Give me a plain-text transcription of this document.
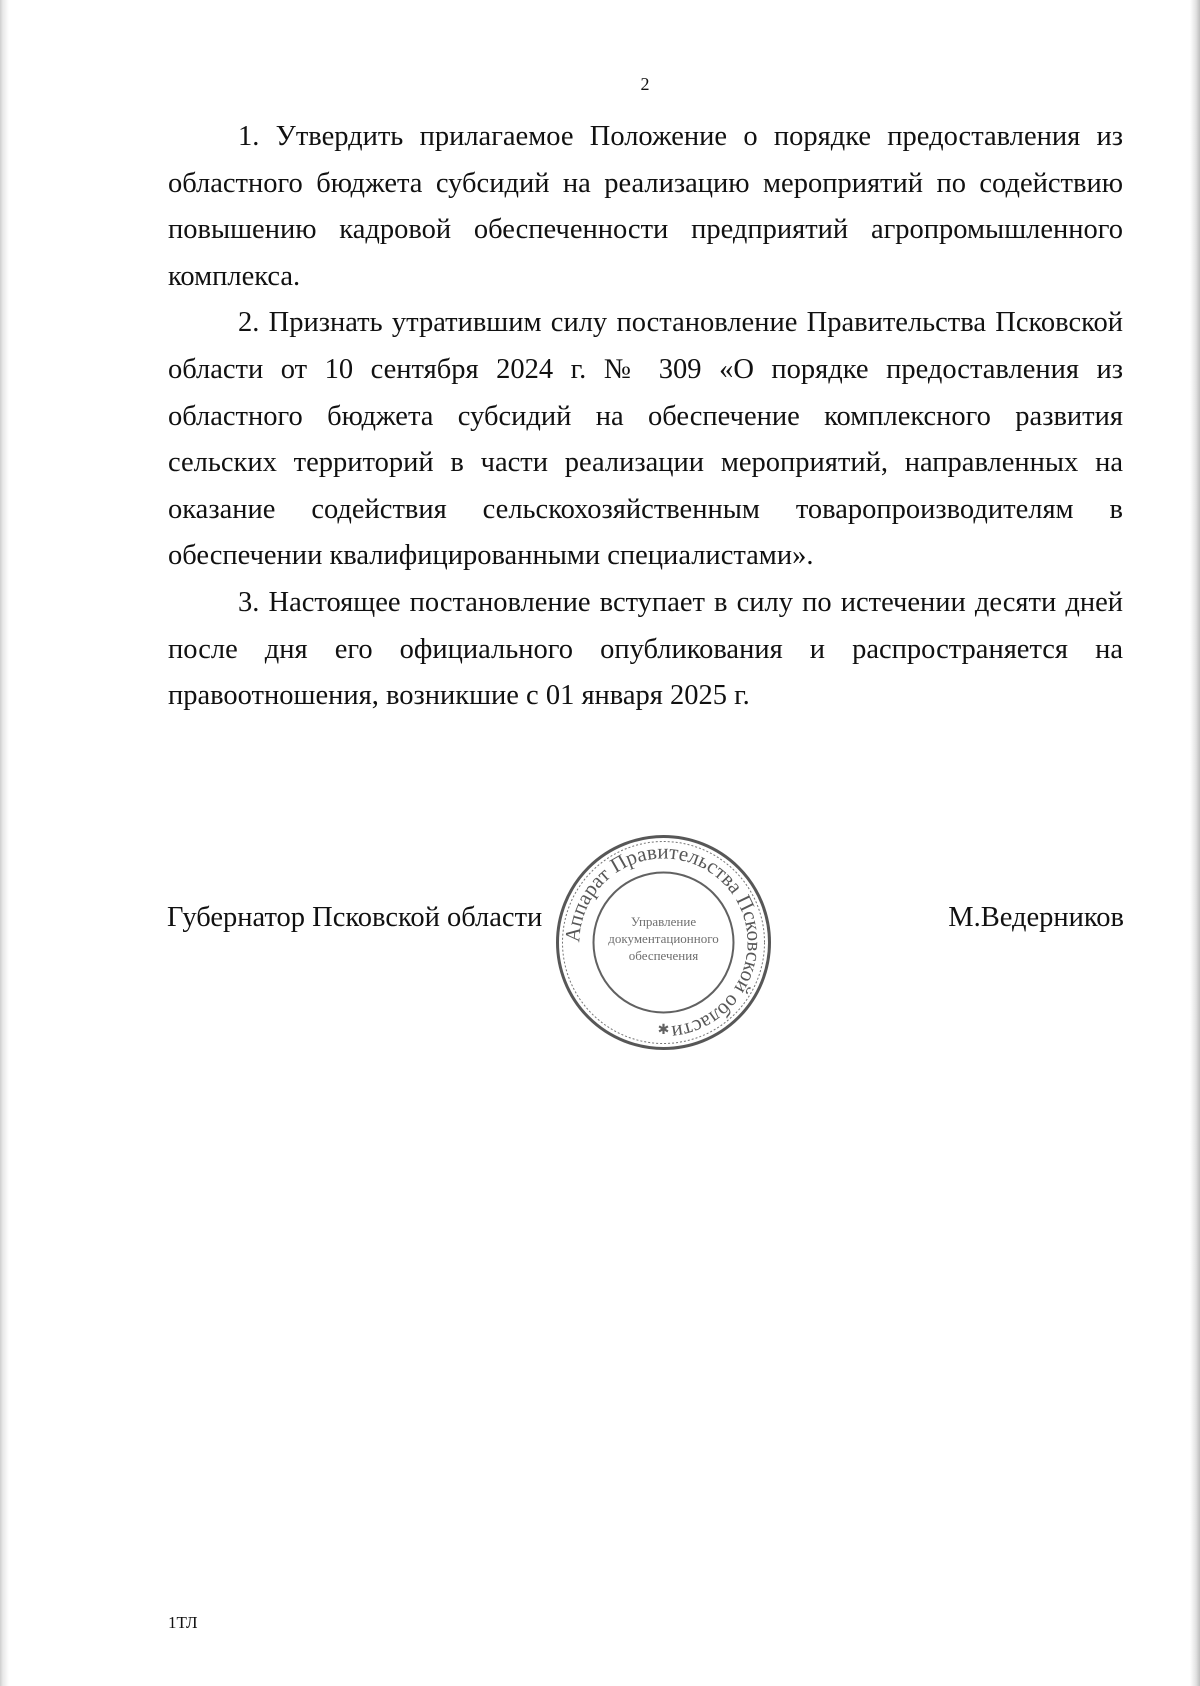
2

1. Утвердить прилагаемое Положение о порядке предоставления из областного бюджета субсидий на реализацию мероприятий по содействию повышению кадровой обеспеченности предприятий агропромышленного комплекса.

2. Признать утратившим силу постановление Правительства Псковской области от 10 сентября 2024 г. № 309 «О порядке предоставления из областного бюджета субсидий на обеспечение комплексного развития сельских территорий в части реализации мероприятий, направленных на оказание содействия сельскохозяйственным товаропроизводителям в обеспечении квалифицированными специалистами».

3. Настоящее постановление вступает в силу по истечении десяти дней после дня его официального опубликования и распространяется на правоотношения, возникшие с 01 января 2025 г.

Губернатор Псковской области	М.Ведерников
Аппарат Правительства Псковской области
Управление
документационного
обеспечения
✱
1ТЛ
